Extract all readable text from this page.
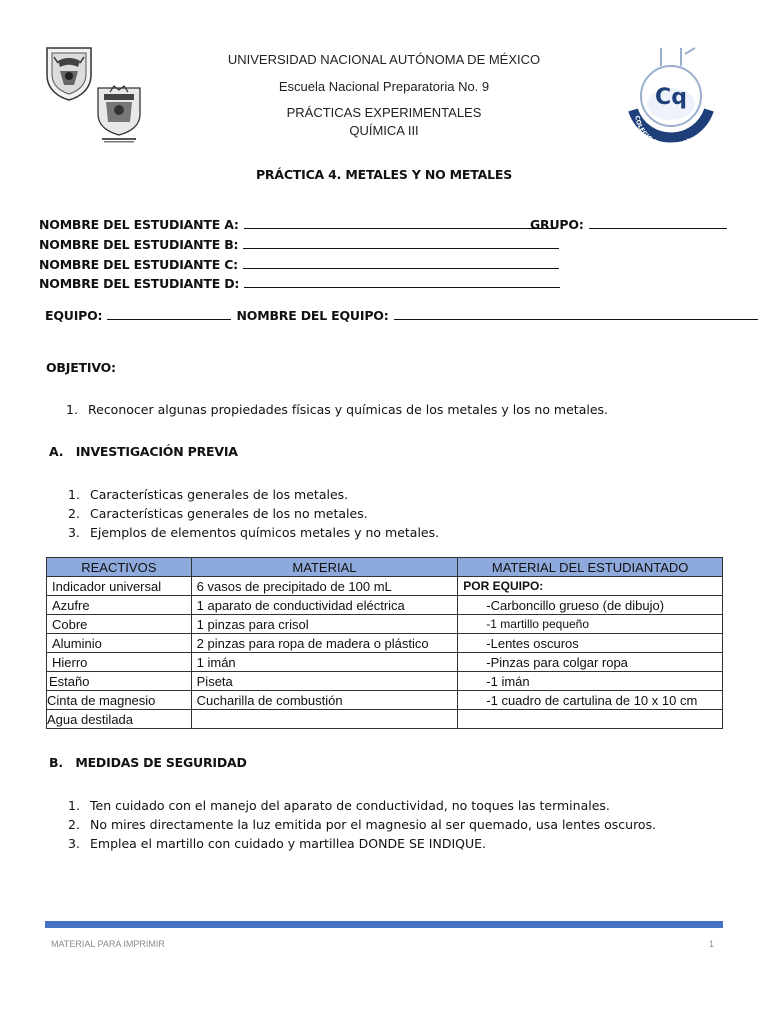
Cq
COLEGIO D CA
UNIVERSIDAD NACIONAL AUTÓNOMA DE MÉXICO
Escuela Nacional Preparatoria No. 9
PRÁCTICAS EXPERIMENTALES
QUÍMICA III
PRÁCTICA 4. METALES Y NO METALES
NOMBRE DEL ESTUDIANTE A:	GRUPO:
NOMBRE DEL ESTUDIANTE B:
NOMBRE DEL ESTUDIANTE C:
NOMBRE DEL ESTUDIANTE D:
EQUIPO:	NOMBRE DEL EQUIPO:
OBJETIVO:
1. Reconocer algunas propiedades físicas y químicas de los metales y los no metales.
A. INVESTIGACIÓN PREVIA
1. Características generales de los metales.
2. Características generales de los no metales.
3. Ejemplos de elementos químicos metales y no metales.
REACTIVOS	MATERIAL	MATERIAL DEL ESTUDIANTADO
Indicador universal	6 vasos de precipitado de 100 mL	POR EQUIPO:
Azufre	1 aparato de conductividad eléctrica	-Carboncillo grueso (de dibujo)
Cobre	1 pinzas para crisol	-1 martillo pequeño
Aluminio	2 pinzas para ropa de madera o plástico	-Lentes oscuros
Hierro	1 imán	-Pinzas para colgar ropa
Estaño	Piseta	-1 imán
Cinta de magnesio	Cucharilla de combustión	-1 cuadro de cartulina de 10 x 10 cm
Agua destilada		
B. MEDIDAS DE SEGURIDAD
1. Ten cuidado con el manejo del aparato de conductividad, no toques las terminales.
2. No mires directamente la luz emitida por el magnesio al ser quemado, usa lentes oscuros.
3. Emplea el martillo con cuidado y martillea DONDE SE INDIQUE.
MATERIAL PARA IMPRIMIR	1
